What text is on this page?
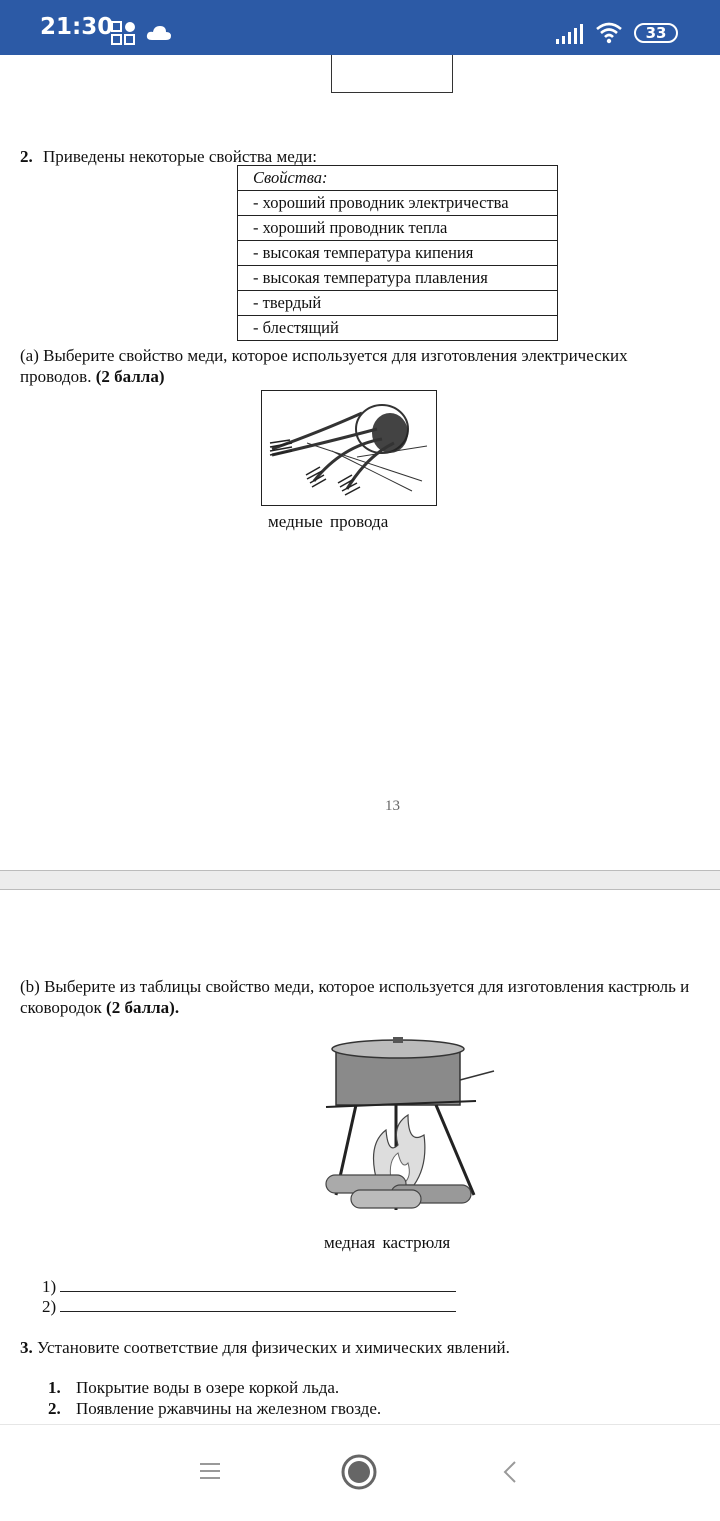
21:30	33
2. Приведены некоторые свойства меди:
Свойства:
- хороший проводник электричества
- хороший проводник тепла
- высокая температура кипения
- высокая температура плавления
- твердый
- блестящий
(а) Выберите свойство меди, которое используется для изготовления электрических
проводов. (2 балла)
медные провода
13
(b) Выберите из таблицы свойство меди, которое используется для изготовления кастрюль и
сковородок (2 балла).
медная кастрюля
1)
2)
3. Установите соответствие для физических и химических явлений.
1. Покрытие воды в озере коркой льда.
2. Появление ржавчины на железном гвозде.
